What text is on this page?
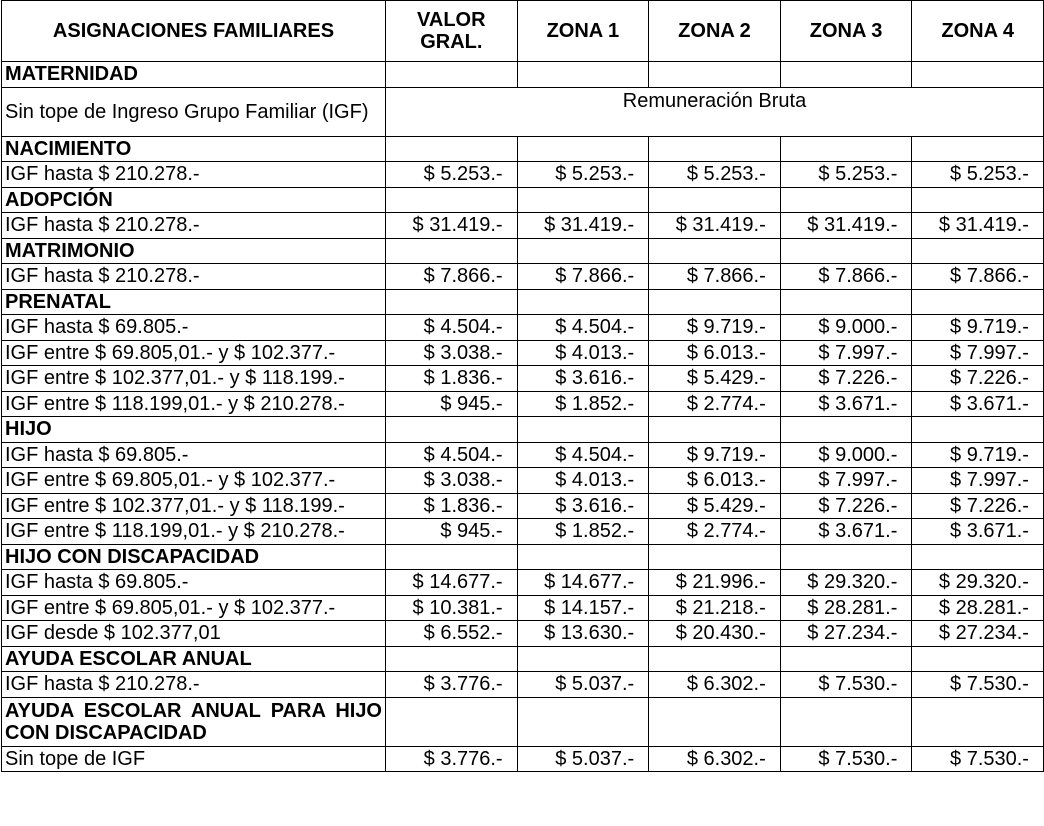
ASIGNACIONES FAMILIARES	VALOR GRAL.	ZONA 1	ZONA 2	ZONA 3	ZONA 4
MATERNIDAD					
Sin tope de Ingreso Grupo Familiar (IGF)	Remuneración Bruta				
NACIMIENTO					
IGF hasta $ 210.278.-	$ 5.253.-	$ 5.253.-	$ 5.253.-	$ 5.253.-	$ 5.253.-
ADOPCIÓN					
IGF hasta $ 210.278.-	$ 31.419.-	$ 31.419.-	$ 31.419.-	$ 31.419.-	$ 31.419.-
MATRIMONIO					
IGF hasta $ 210.278.-	$ 7.866.-	$ 7.866.-	$ 7.866.-	$ 7.866.-	$ 7.866.-
PRENATAL					
IGF hasta $ 69.805.-	$ 4.504.-	$ 4.504.-	$ 9.719.-	$ 9.000.-	$ 9.719.-
IGF entre $ 69.805,01.- y $ 102.377.-	$ 3.038.-	$ 4.013.-	$ 6.013.-	$ 7.997.-	$ 7.997.-
IGF entre $ 102.377,01.- y $ 118.199.-	$ 1.836.-	$ 3.616.-	$ 5.429.-	$ 7.226.-	$ 7.226.-
IGF entre $ 118.199,01.- y $ 210.278.-	$ 945.-	$ 1.852.-	$ 2.774.-	$ 3.671.-	$ 3.671.-
HIJO					
IGF hasta $ 69.805.-	$ 4.504.-	$ 4.504.-	$ 9.719.-	$ 9.000.-	$ 9.719.-
IGF entre $ 69.805,01.- y $ 102.377.-	$ 3.038.-	$ 4.013.-	$ 6.013.-	$ 7.997.-	$ 7.997.-
IGF entre $ 102.377,01.- y $ 118.199.-	$ 1.836.-	$ 3.616.-	$ 5.429.-	$ 7.226.-	$ 7.226.-
IGF entre $ 118.199,01.- y $ 210.278.-	$ 945.-	$ 1.852.-	$ 2.774.-	$ 3.671.-	$ 3.671.-
HIJO CON DISCAPACIDAD					
IGF hasta $ 69.805.-	$ 14.677.-	$ 14.677.-	$ 21.996.-	$ 29.320.-	$ 29.320.-
IGF entre $ 69.805,01.- y $ 102.377.-	$ 10.381.-	$ 14.157.-	$ 21.218.-	$ 28.281.-	$ 28.281.-
IGF desde $ 102.377,01	$ 6.552.-	$ 13.630.-	$ 20.430.-	$ 27.234.-	$ 27.234.-
AYUDA ESCOLAR ANUAL					
IGF hasta $ 210.278.-	$ 3.776.-	$ 5.037.-	$ 6.302.-	$ 7.530.-	$ 7.530.-
AYUDA ESCOLAR ANUAL PARA HIJO CON DISCAPACIDAD					
Sin tope de IGF	$ 3.776.-	$ 5.037.-	$ 6.302.-	$ 7.530.-	$ 7.530.-
